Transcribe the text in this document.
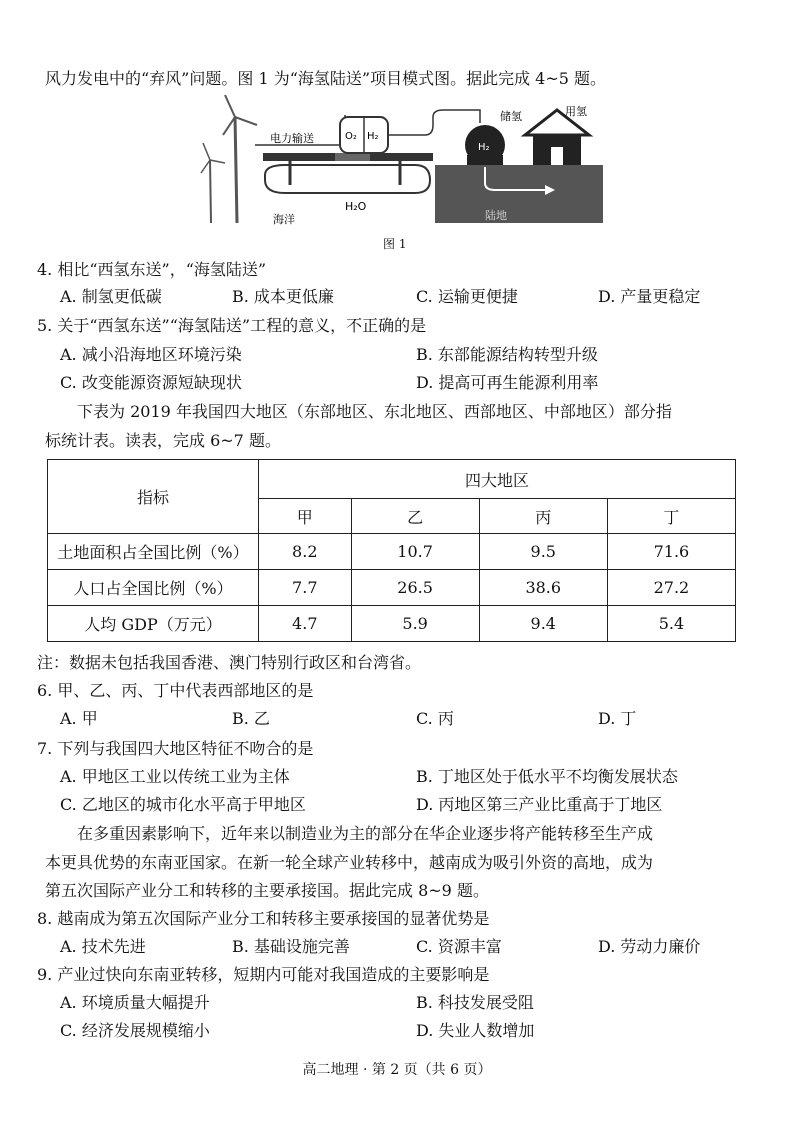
风力发电中的“弃风”问题。图 1 为“海氢陆送”项目模式图。据此完成 4~5 题。
电力输送	O₂ H₂
H₂O
H₂
储氢	用氢
海洋	陆地
图 1
4. 相比“西氢东送”，“海氢陆送”
A. 制氢更低碳	B. 成本更低廉	C. 运输更便捷	D. 产量更稳定
5. 关于“西氢东送”“海氢陆送”工程的意义，不正确的是
A. 减小沿海地区环境污染	B. 东部能源结构转型升级
C. 改变能源资源短缺现状	D. 提高可再生能源利用率
下表为 2019 年我国四大地区（东部地区、东北地区、西部地区、中部地区）部分指
标统计表。读表，完成 6~7 题。
指标	四大地区			
	甲	乙	丙	丁
土地面积占全国比例（%）	8.2	10.7	9.5	71.6
人口占全国比例（%）	7.7	26.5	38.6	27.2
人均 GDP（万元）	4.7	5.9	9.4	5.4
注：数据未包括我国香港、澳门特别行政区和台湾省。
6. 甲、乙、丙、丁中代表西部地区的是
A. 甲	B. 乙	C. 丙	D. 丁
7. 下列与我国四大地区特征不吻合的是
A. 甲地区工业以传统工业为主体	B. 丁地区处于低水平不均衡发展状态
C. 乙地区的城市化水平高于甲地区	D. 丙地区第三产业比重高于丁地区
在多重因素影响下，近年来以制造业为主的部分在华企业逐步将产能转移至生产成
本更具优势的东南亚国家。在新一轮全球产业转移中，越南成为吸引外资的高地，成为
第五次国际产业分工和转移的主要承接国。据此完成 8~9 题。
8. 越南成为第五次国际产业分工和转移主要承接国的显著优势是
A. 技术先进	B. 基础设施完善	C. 资源丰富	D. 劳动力廉价
9. 产业过快向东南亚转移，短期内可能对我国造成的主要影响是
A. 环境质量大幅提升	B. 科技发展受阻
C. 经济发展规模缩小	D. 失业人数增加
高二地理 · 第 2 页（共 6 页）
